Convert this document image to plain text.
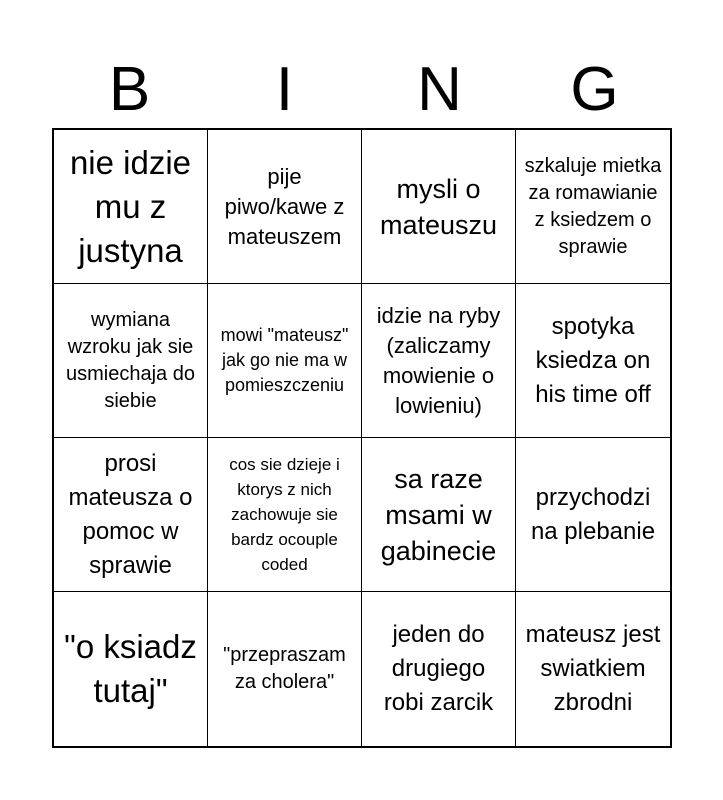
B	I	N	G
nie idzie mu z justyna
pije piwo/kawe z mateuszem
mysli o mateuszu
szkaluje mietka za romawianie z ksiedzem o sprawie
wymiana wzroku jak sie usmiechaja do siebie
mowi "mateusz" jak go nie ma w pomieszczeniu
idzie na ryby (zaliczamy mowienie o lowieniu)
spotyka ksiedza on his time off
prosi mateusza o pomoc w sprawie
cos sie dzieje i ktorys z nich zachowuje sie bardz ocouple coded
sa raze msami w gabinecie
przychodzi na plebanie
"o ksiadz tutaj"
"przepraszam za cholera"
jeden do drugiego robi zarcik
mateusz jest swiatkiem zbrodni
